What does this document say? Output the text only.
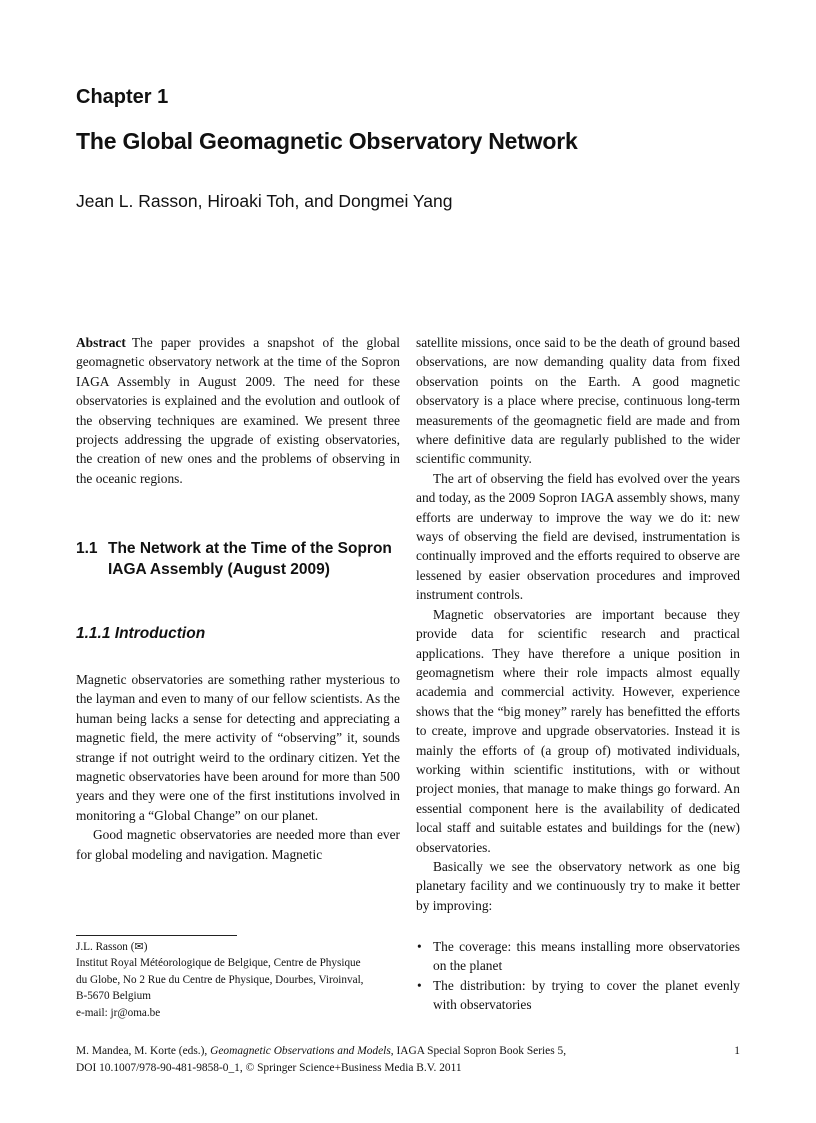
Chapter 1
The Global Geomagnetic Observatory Network
Jean L. Rasson, Hiroaki Toh, and Dongmei Yang

Abstract The paper provides a snapshot of the global geomagnetic observatory network at the time of the Sopron IAGA Assembly in August 2009. The need for these observatories is explained and the evolution and outlook of the observing techniques are examined. We present three projects addressing the upgrade of existing observatories, the creation of new ones and the problems of observing in the oceanic regions.

1.1 The Network at the Time of the Sopron IAGA Assembly (August 2009)
1.1.1 Introduction

Magnetic observatories are something rather mysterious to the layman and even to many of our fellow scientists. As the human being lacks a sense for detecting and appreciating a magnetic field, the mere activity of “observing” it, sounds strange if not outright weird to the ordinary citizen. Yet the magnetic observatories have been around for more than 500 years and they were one of the first institutions involved in monitoring a “Global Change” on our planet.

Good magnetic observatories are needed more than ever for global modeling and navigation. Magnetic

satellite missions, once said to be the death of ground based observations, are now demanding quality data from fixed observation points on the Earth. A good magnetic observatory is a place where precise, continuous long-term measurements of the geomagnetic field are made and from where definitive data are regularly published to the wider scientific community.

The art of observing the field has evolved over the years and today, as the 2009 Sopron IAGA assembly shows, many efforts are underway to improve the way we do it: new ways of observing the field are devised, instrumentation is continually improved and the efforts required to observe are lessened by easier observation procedures and improved instrument controls.

Magnetic observatories are important because they provide data for scientific research and practical applications. They have therefore a unique position in geomagnetism where their role impacts almost equally academia and commercial activity. However, experience shows that the “big money” rarely has benefitted the efforts to create, improve and upgrade observatories. Instead it is mainly the efforts of (a group of) motivated individuals, working within scientific institutions, with or without project monies, that manage to make things go forward. An essential component here is the availability of dedicated local staff and suitable estates and buildings for the (new) observatories.

Basically we see the observatory network as one big planetary facility and we continuously try to make it better by improving:

J.L. Rasson (✉)
Institut Royal Météorologique de Belgique, Centre de Physique
du Globe, No 2 Rue du Centre de Physique, Dourbes, Viroinval,
B-5670 Belgium
e-mail: jr@oma.be
• The coverage: this means installing more observatories on the planet
• The distribution: by trying to cover the planet evenly with observatories
M. Mandea, M. Korte (eds.), Geomagnetic Observations and Models, IAGA Special Sopron Book Series 5,
DOI 10.1007/978-90-481-9858-0_1, © Springer Science+Business Media B.V. 2011
1
